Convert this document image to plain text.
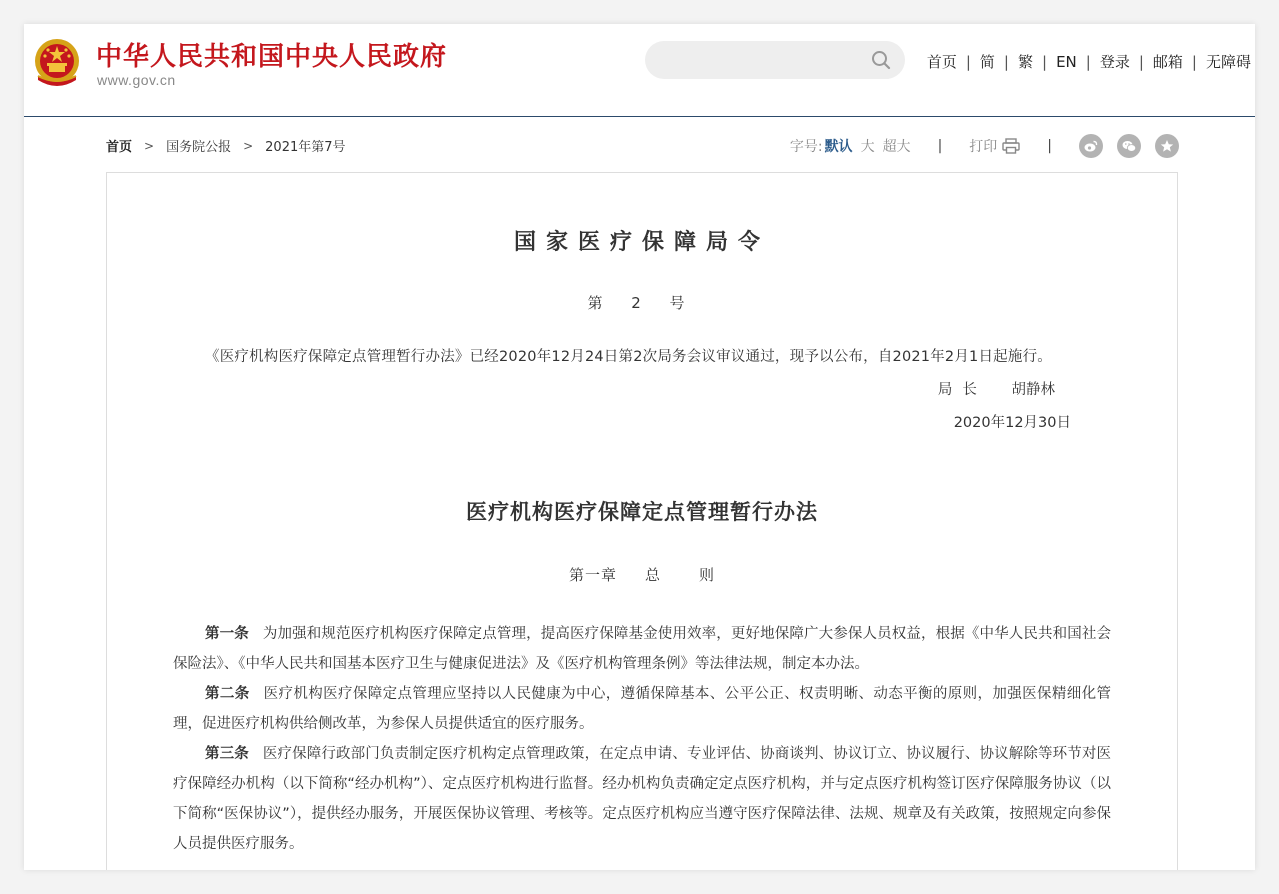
中华人民共和国中央人民政府
www.gov.cn
首页 | 简 | 繁 | EN | 登录 | 邮箱 | 无障碍
首页 > 国务院公报 > 2021年第7号	字号: 默认 大 超大 | 打印	|
国家医疗保障局令
第 2 号
《医疗机构医疗保障定点管理暂行办法》已经2020年12月24日第2次局务会议审议通过，现予以公布，自2021年2月1日起施行。
局长 胡静林
2020年12月30日
医疗机构医疗保障定点管理暂行办法
第一章 总	则

第一条 为加强和规范医疗机构医疗保障定点管理，提高医疗保障基金使用效率，更好地保障广大参保人员权益，根据《中华人民共和国社会保险法》、《中华人民共和国基本医疗卫生与健康促进法》及《医疗机构管理条例》等法律法规，制定本办法。

第二条 医疗机构医疗保障定点管理应坚持以人民健康为中心，遵循保障基本、公平公正、权责明晰、动态平衡的原则，加强医保精细化管理，促进医疗机构供给侧改革，为参保人员提供适宜的医疗服务。

第三条 医疗保障行政部门负责制定医疗机构定点管理政策，在定点申请、专业评估、协商谈判、协议订立、协议履行、协议解除等环节对医疗保障经办机构（以下简称“经办机构”）、定点医疗机构进行监督。经办机构负责确定定点医疗机构，并与定点医疗机构签订医疗保障服务协议（以下简称“医保协议”），提供经办服务，开展医保协议管理、考核等。定点医疗机构应当遵守医疗保障法律、法规、规章及有关政策，按照规定向参保人员提供医疗服务。
